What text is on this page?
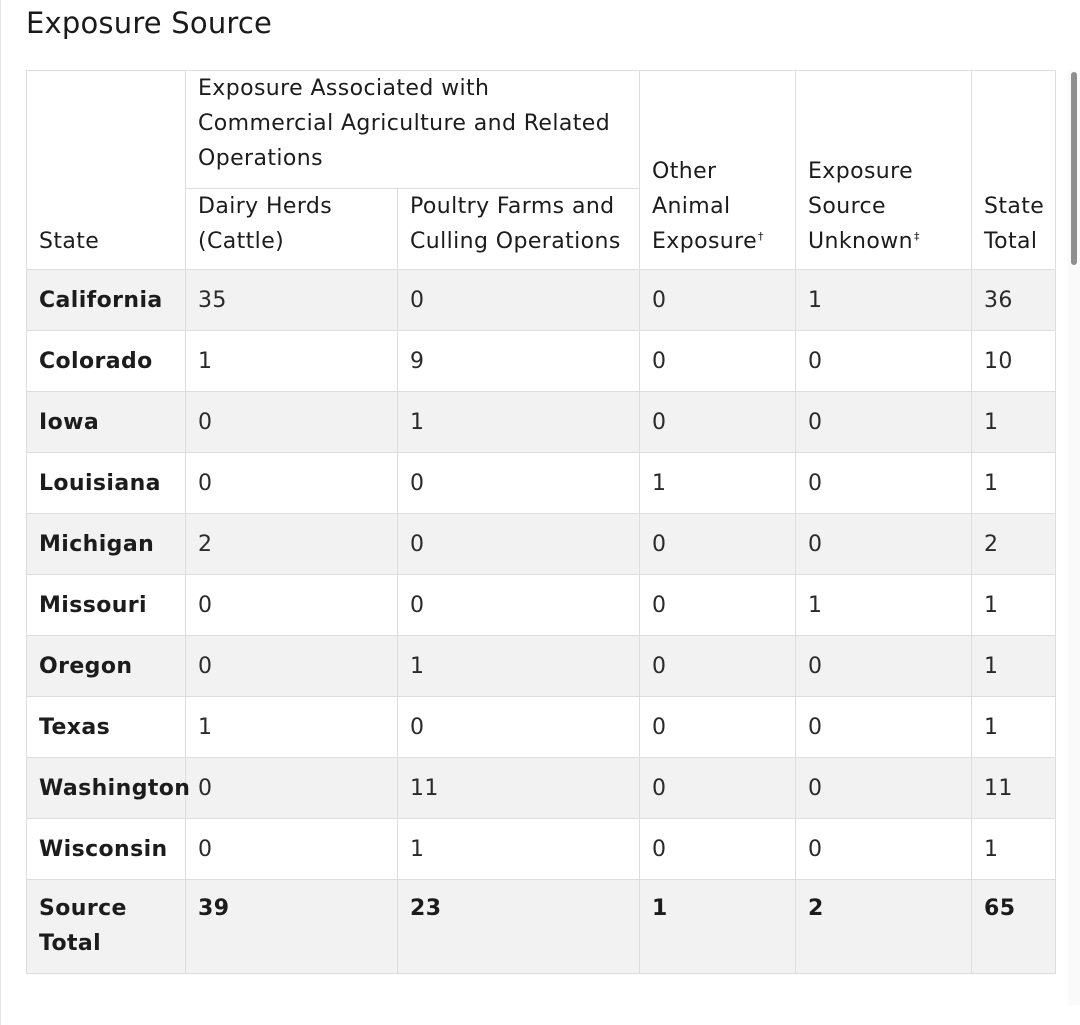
Exposure Source
State	Exposure Associated with Commercial Agriculture and Related Operations		Other Animal Exposure†	Exposure Source Unknown‡	State Total
	Dairy Herds (Cattle)	Poultry Farms and Culling Operations			
California	35	0	0	1	36
Colorado	1	9	0	0	10
Iowa	0	1	0	0	1
Louisiana	0	0	1	0	1
Michigan	2	0	0	0	2
Missouri	0	0	0	1	1
Oregon	0	1	0	0	1
Texas	1	0	0	0	1
Washington	0	11	0	0	11
Wisconsin	0	1	0	0	1
Source Total	39	23	1	2	65
